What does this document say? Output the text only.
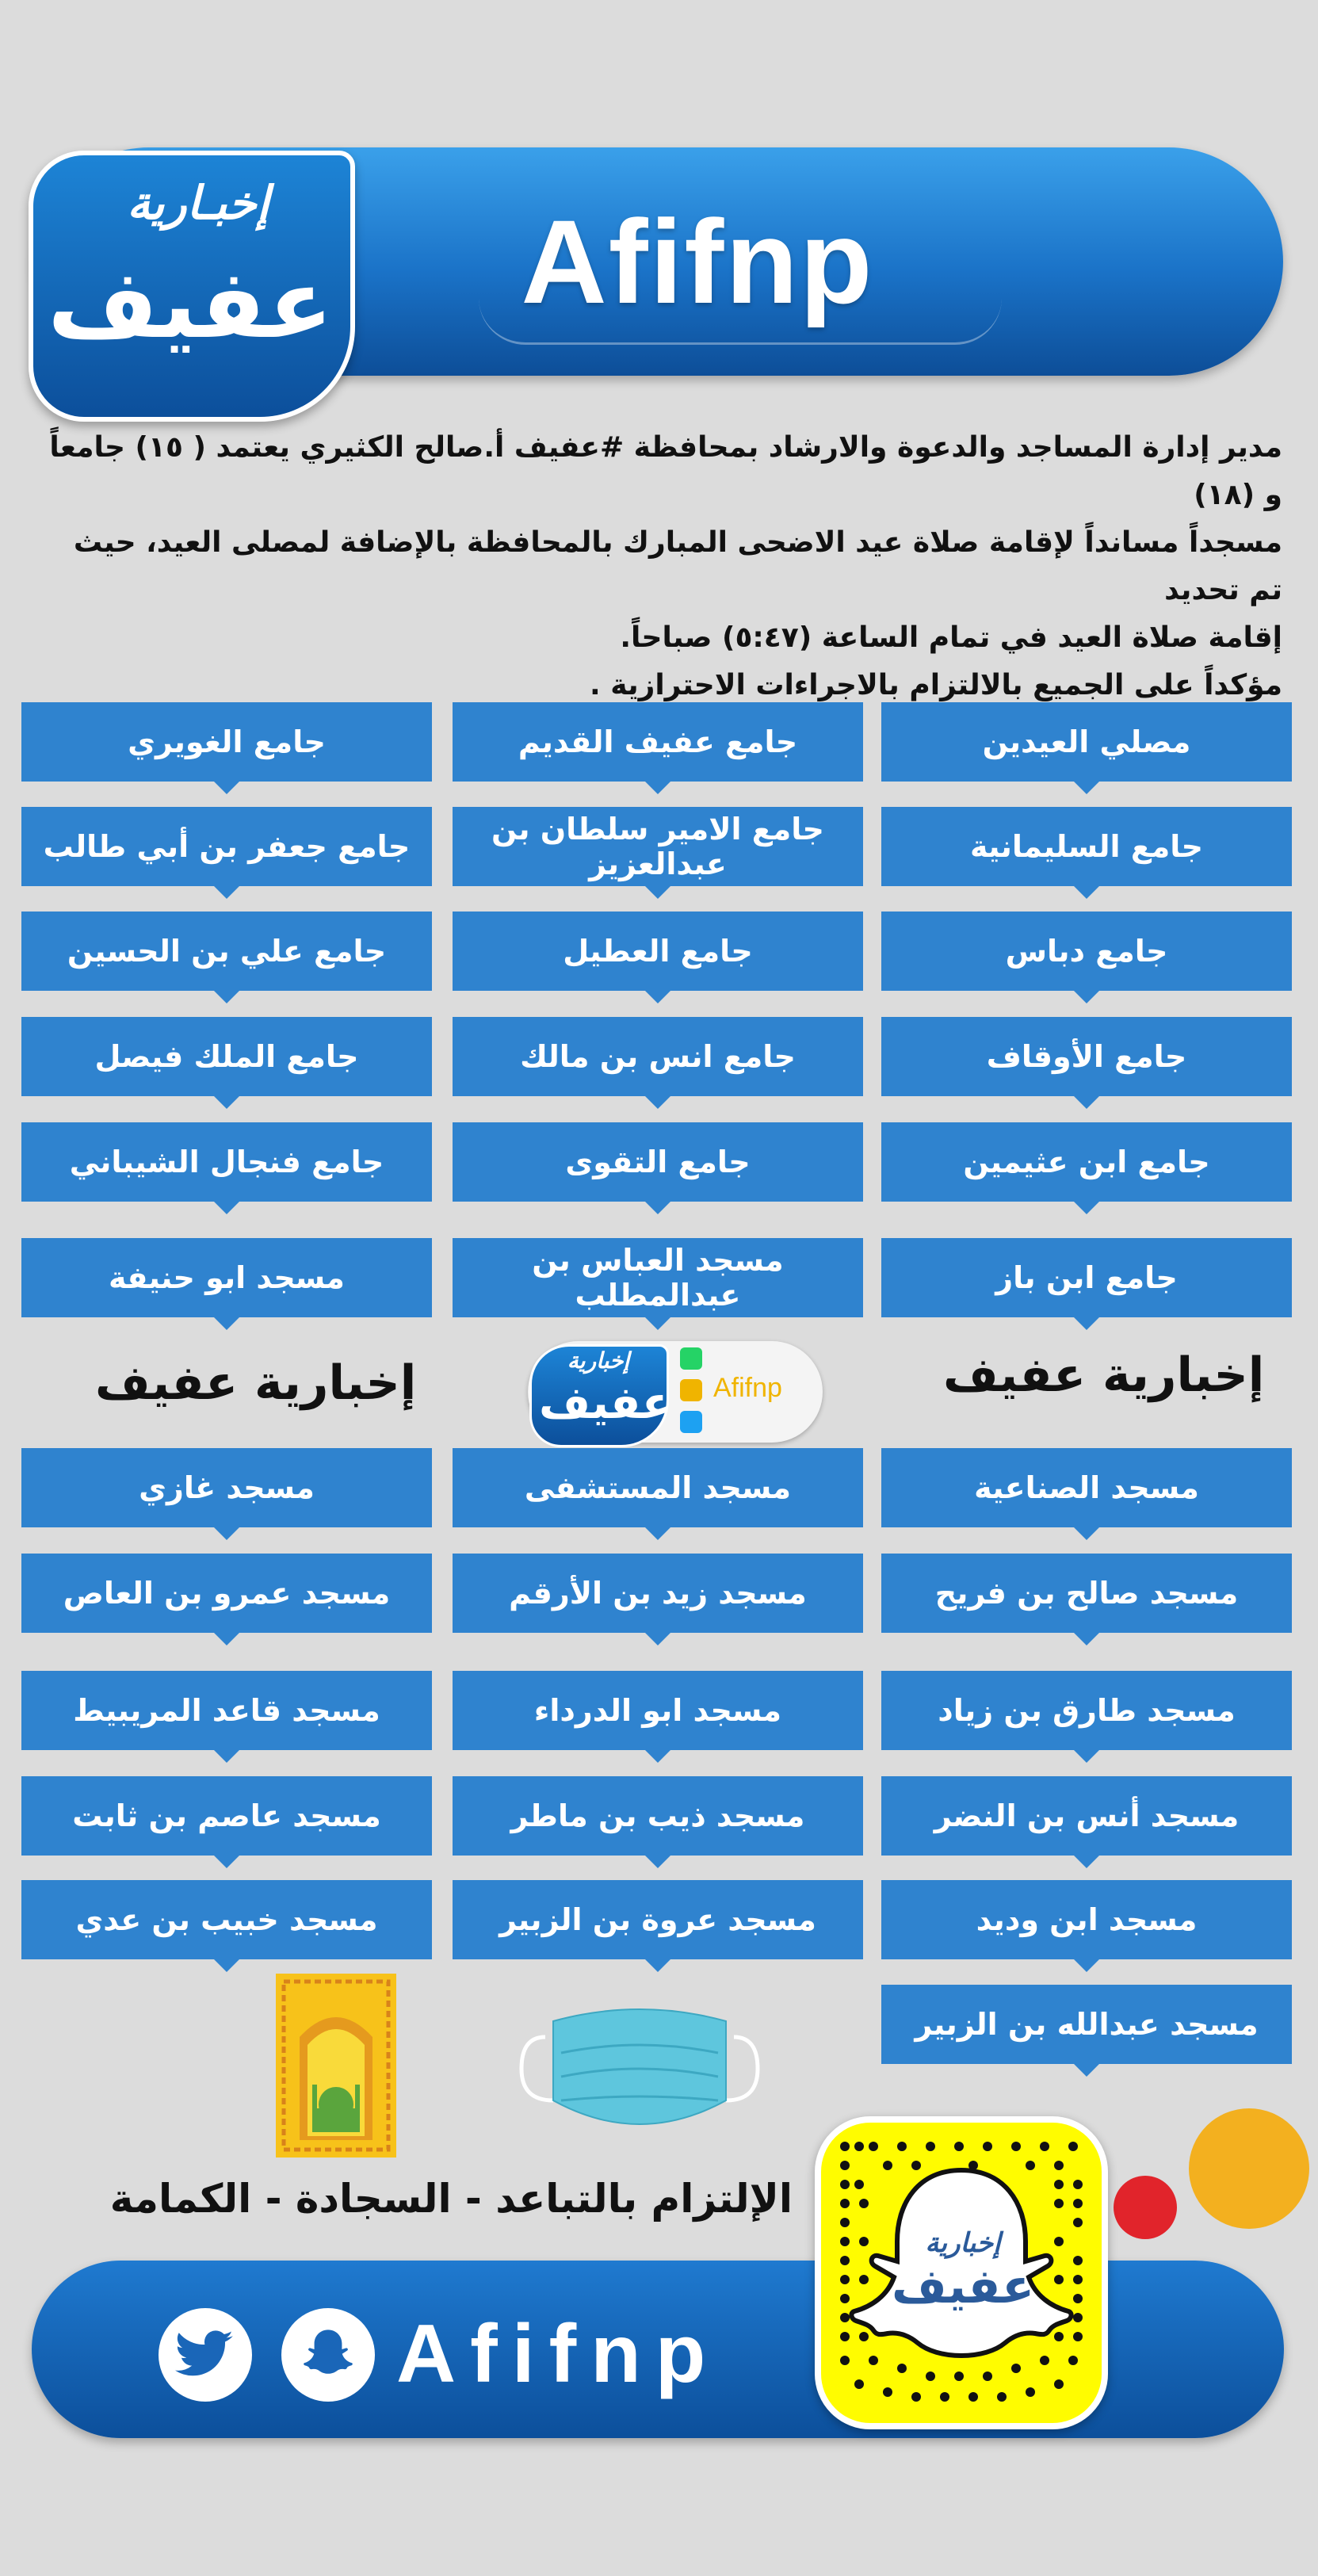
Afifnp
إخبـارية
عفيف

مدير إدارة المساجد والدعوة والارشاد بمحافظة #عفيف أ.صالح الكثيري يعتمد ( ١٥) جامعاً و (١٨)

مسجداً مسانداً لإقامة صلاة عيد الاضحى المبارك بالمحافظة بالإضافة لمصلى العيد، حيث تم تحديد

إقامة صلاة العيد في تمام الساعة (٥:٤٧) صباحاً.

مؤكداً على الجميع بالالتزام بالاجراءات الاحترازية .

مصلي العيدين
جامع السليمانية
جامع دباس
جامع الأوقاف
جامع ابن عثيمين
جامع ابن باز
جامع عفيف القديم
جامع الامير سلطان بن عبدالعزيز
جامع العطيل
جامع انس بن مالك
جامع التقوى
مسجد العباس بن عبدالمطلب
جامع الغويري
جامع جعفر بن أبي طالب
جامع علي بن الحسين
جامع الملك فيصل
جامع فنجال الشيباني
مسجد ابو حنيفة
إخبارية عفيف
إخبارية عفيف	إخبارية
عفيف Afifnp
مسجد الصناعية
مسجد صالح بن فريح
مسجد طارق بن زياد
مسجد أنس بن النضر
مسجد ابن وديد
مسجد عبدالله بن الزبير
مسجد المستشفى
مسجد زيد بن الأرقم
مسجد ابو الدرداء
مسجد ذيب بن ماطر
مسجد عروة بن الزبير
مسجد غازي
مسجد عمرو بن العاص
مسجد قاعد المريبيط
مسجد عاصم بن ثابت
مسجد خبيب بن عدي
الإلتزام بالتباعد - السجادة - الكمامة
Afifnp
إخبارية
عفيف
